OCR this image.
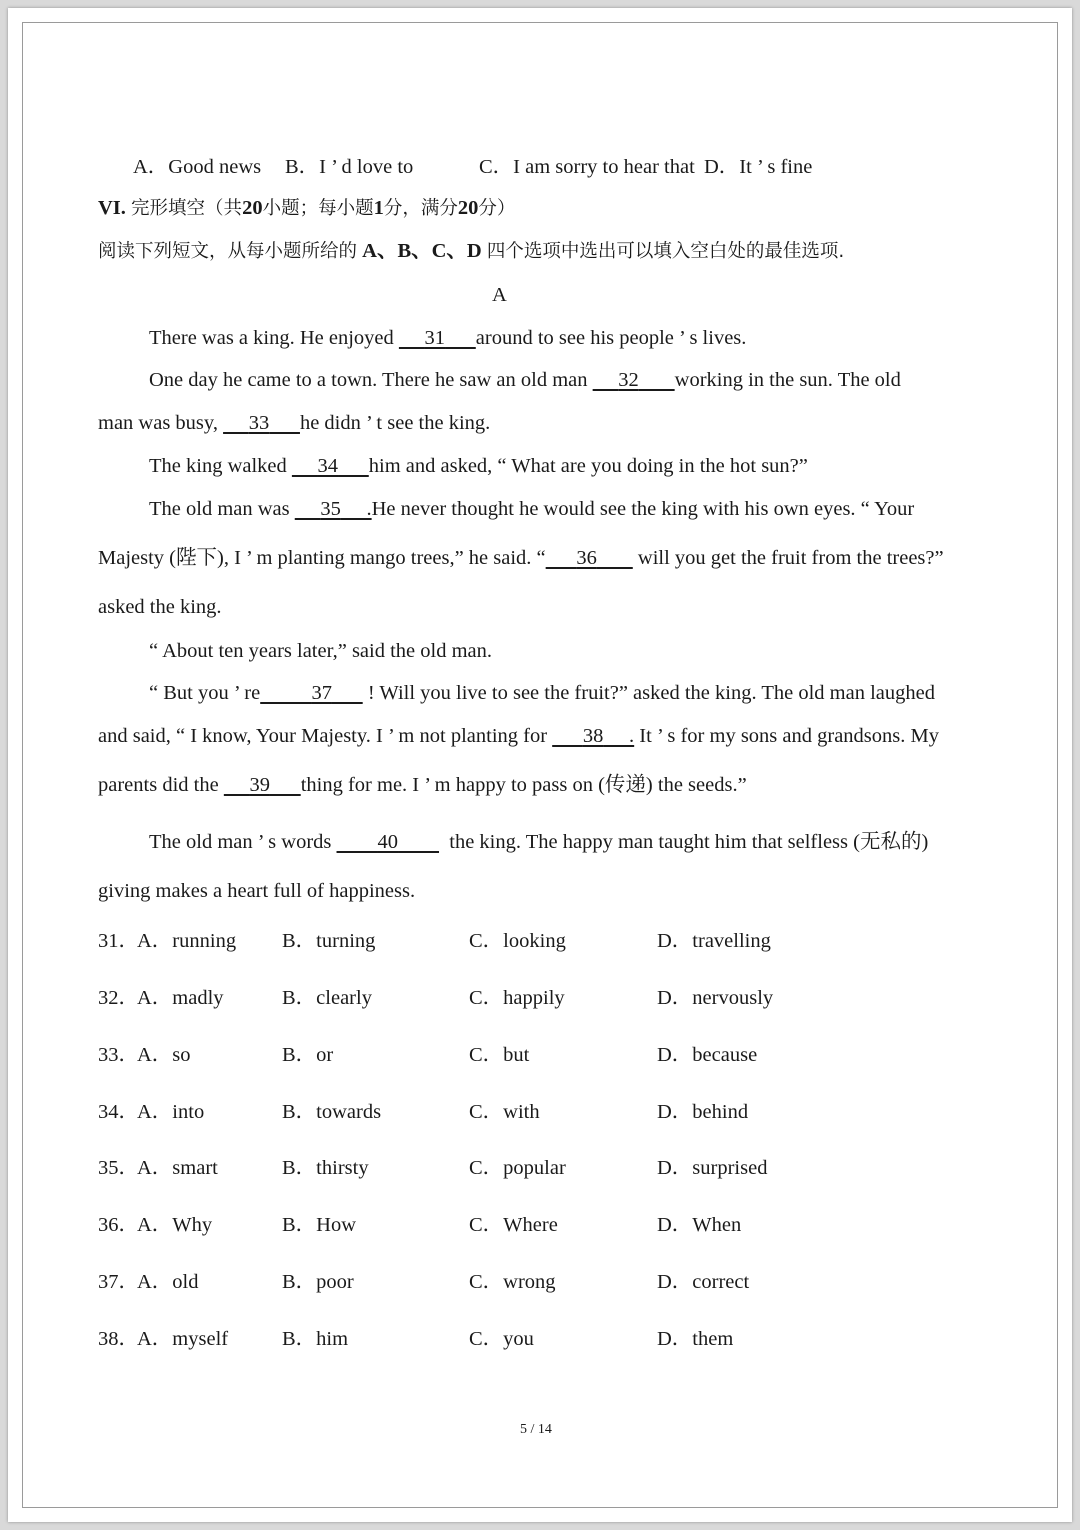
A．Good news B．I ’ d love to	C．I am sorry to hear that D．It ’ s fine
VI. 完形填空（共20小题；每小题1分，满分20分）
阅读下列短文，从每小题所给的 A、B、C、D 四个选项中选出可以填入空白处的最佳选项.
A
There was a king. He enjoyed 31 around to see his people ’ s lives.
One day he came to a town. There he saw an old man 32 working in the sun. The old
man was busy, 33 he didn ’ t see the king.
The king walked 34 him and asked, “ What are you doing in the hot sun?”
The old man was 35     .He never thought he would see the king with his own eyes. “ Your
Majesty (陛下), I ’ m planting mango trees,” he said. “ 36 will you get the fruit from the trees?”
asked the king.
“ About ten years later,” said the old man.
“ But you ’ re	37 ! Will you live to see the fruit?” asked the king. The old man laughed
and said, “ I know, Your Majesty. I ’ m not planting for 38     . It ’ s for my sons and grandsons. My
parents did the 39 thing for me. I ’ m happy to pass on (传递) the seeds.”
The old man ’ s words 40	the king. The happy man taught him that selfless (无私的)
giving makes a heart full of happiness.
31．
A．running B．turning	C．looking	D．travelling
32．
A．madly	B．clearly	C．happily	D．nervously
33．
A．so	B．or	C．but	D．because
34．
A．into	B．towards	C．with	D．behind
35．
A．smart	B．thirsty	C．popular	D．surprised
36．
A．Why	B．How	C．Where	D．When
37．
A．old	B．poor	C．wrong	D．correct
38．
A．myself	B．him	C．you	D．them
5 / 14
